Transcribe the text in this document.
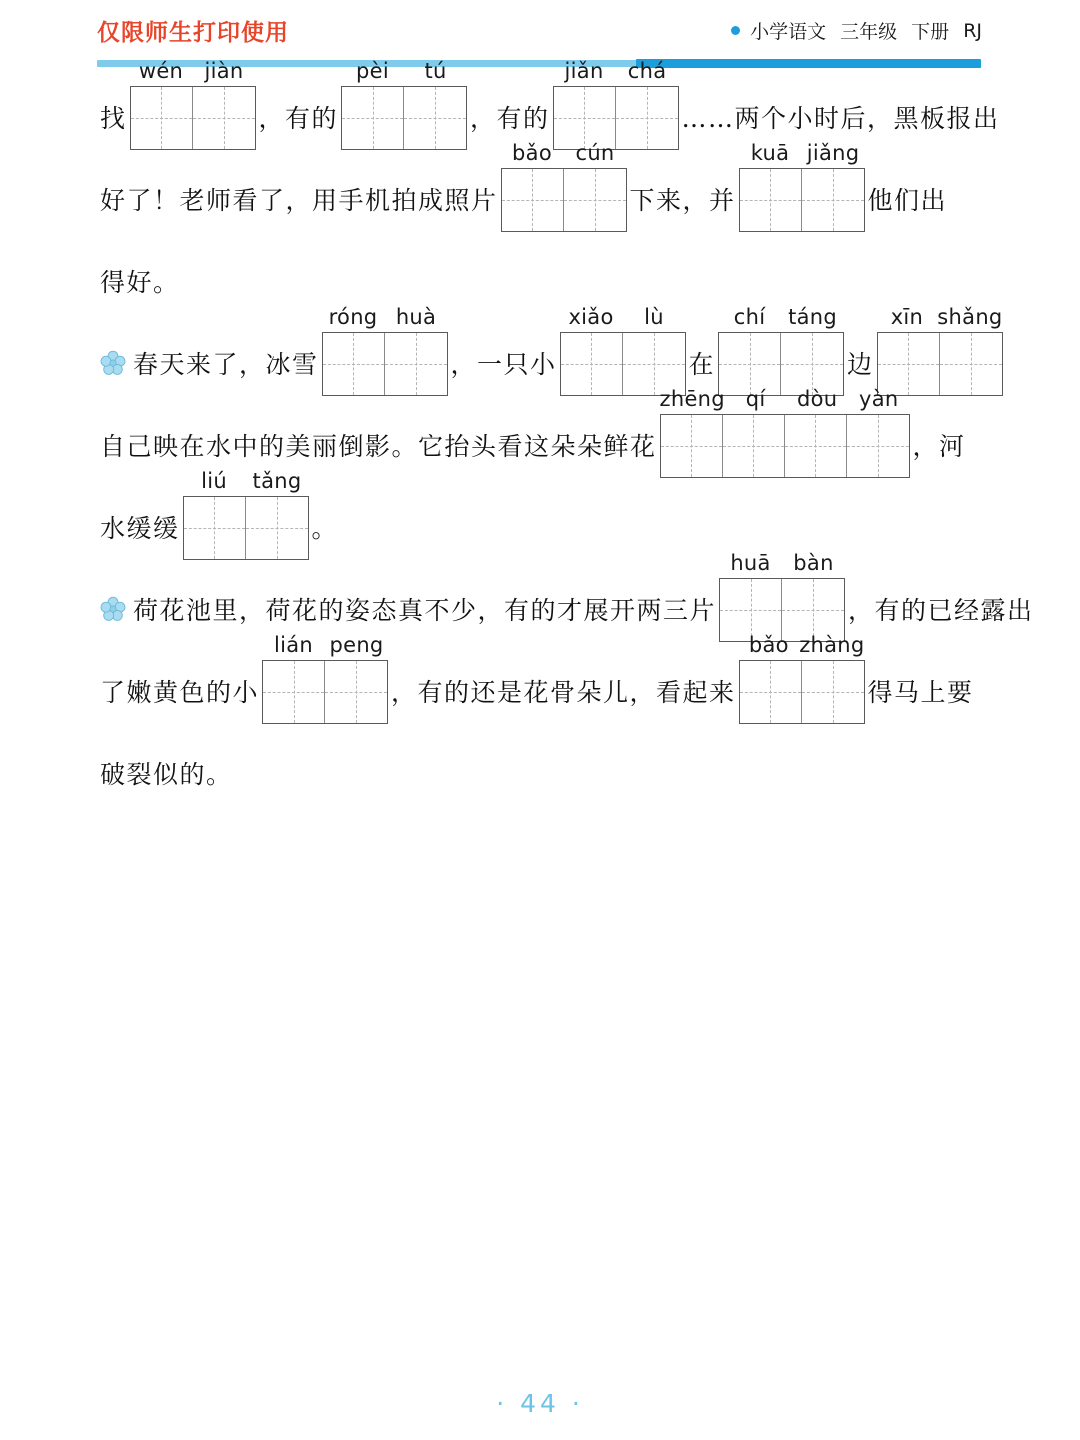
仅限师生打印使用	小学语文 三年级 下册 RJ
找
wén	jiàn
，有的
pèi	tú
，有的
jiǎn	chá
……两个小时后，黑板报出
好了！老师看了，用手机拍成照片
bǎo	cún
下来，并
kuā jiǎng
他们出
得好。
春天来了，冰雪
róng huà
，一只小
xiǎo	lù
在
chí	táng
边
xīn shǎng
自己映在水中的美丽倒影。它抬头看这朵朵鲜花
zhēng qí	dòu	yàn
，河
水缓缓
liú	tǎng
。
荷花池里，荷花的姿态真不少，有的才展开两三片
huā	bàn
，有的已经露出
了嫩黄色的小
lián peng
，有的还是花骨朵儿，看起来
bǎo zhàng
得马上要
破裂似的。
· 44 ·
